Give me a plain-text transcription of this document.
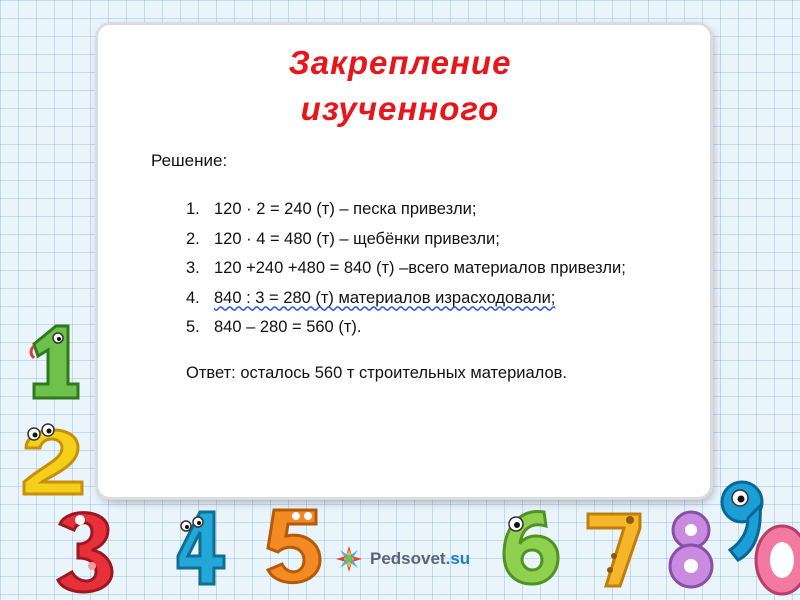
Закрепление
изученного
Решение:
1. 120 · 2 = 240 (т) – песка привезли;
2. 120 · 4 = 480 (т) – щебёнки привезли;
3. 120 +240 +480 = 840 (т) –всего материалов привезли;
4. 840 : 3 = 280 (т) материалов израсходовали;
5. 840 – 280 = 560 (т).
Ответ: осталось 560 т строительных материалов.
Pedsovet.su
